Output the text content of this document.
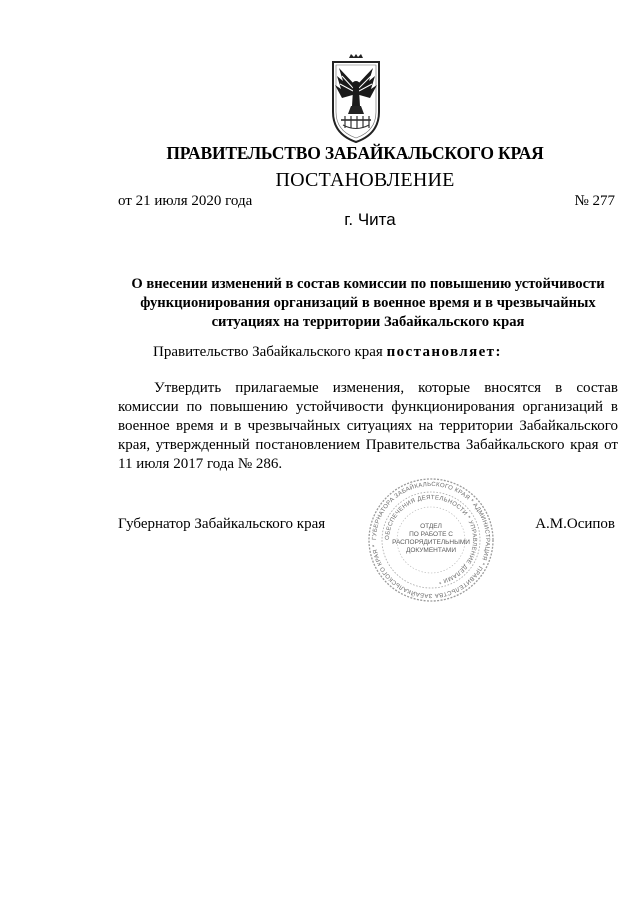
ПРАВИТЕЛЬСТВО ЗАБАЙКАЛЬСКОГО КРАЯ
ПОСТАНОВЛЕНИЕ
от 21 июля 2020 года	№ 277
г. Чита
О внесении изменений в состав комиссии по повышению устойчивости функционирования организаций в военное время и в чрезвычайных ситуациях на территории Забайкальского края
Правительство Забайкальского края постановляет:
Утвердить прилагаемые изменения, которые вносятся в состав комиссии по повышению устойчивости функционирования организаций в военное время и в чрезвычайных ситуациях на территории Забайкальского края, утвержденный постановлением Правительства Забайкальского края от 11 июля 2017 года № 286.
Губернатор Забайкальского края
ГУБЕРНАТОРА ЗАБАЙКАЛЬСКОГО КРАЯ * АДМИНИСТРАЦИЯ * ПРАВИТЕЛЬСТВА ЗАБАЙКАЛЬСКОГО КРАЯ *
ОБЕСПЕЧЕНИЯ ДЕЯТЕЛЬНОСТИ * УПРАВЛЕНИЕ ДЕЛАМИ *
ОТДЕЛ
ПО РАБОТЕ С
РАСПОРЯДИТЕЛЬНЫМИ
ДОКУМЕНТАМИ
А.М.Осипов
